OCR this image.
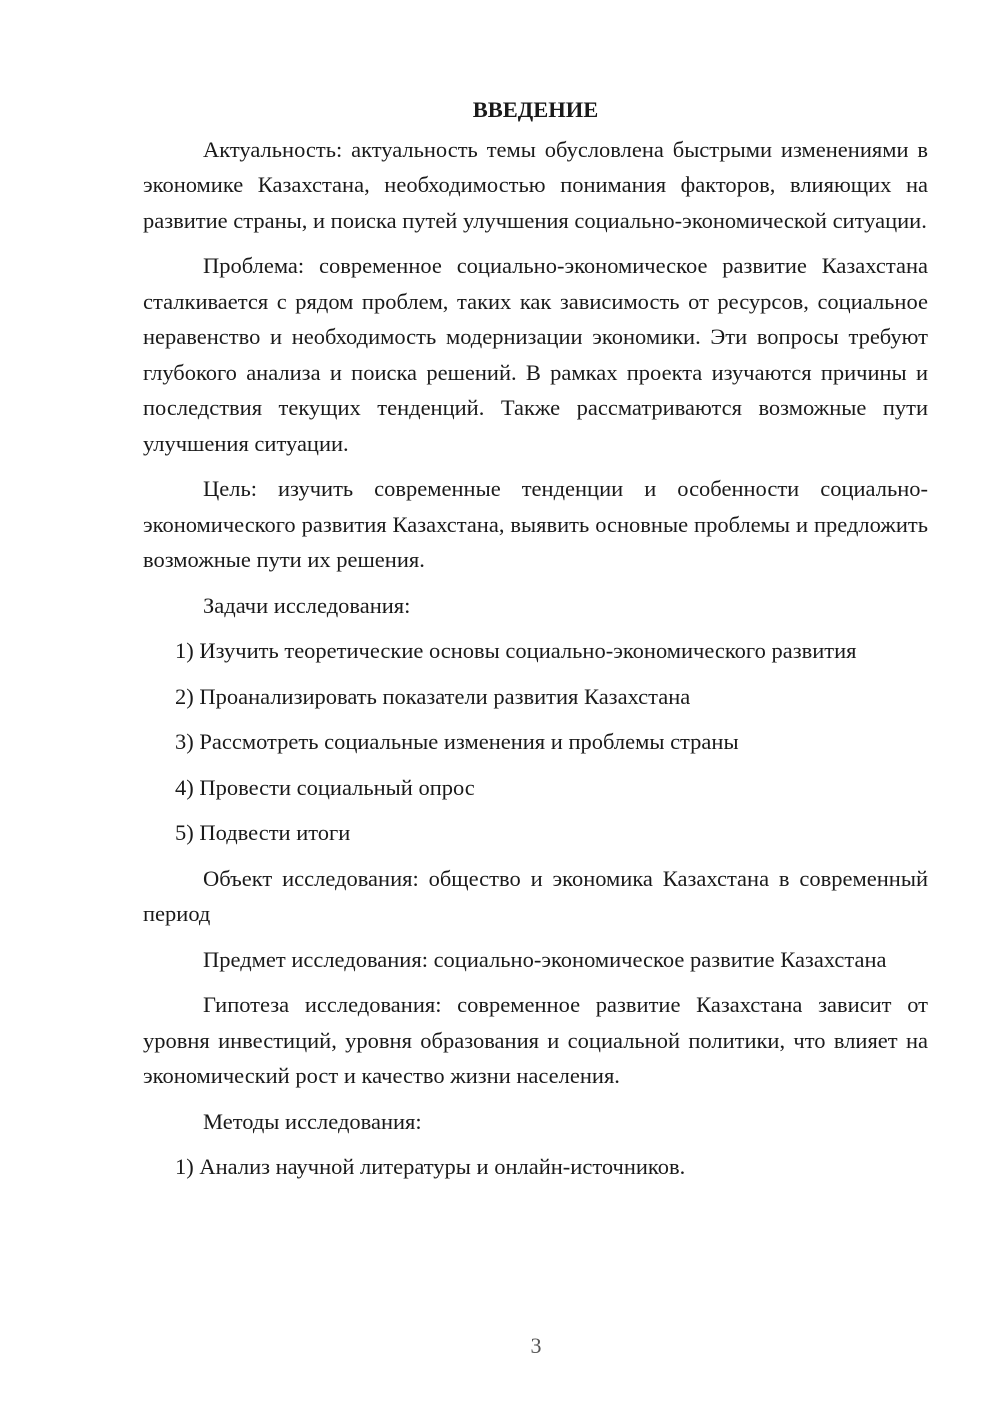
ВВЕДЕНИЕ

Актуальность: актуальность темы обусловлена быстрыми изменениями в экономике Казахстана, необходимостью понимания факторов, влияющих на развитие страны, и поиска путей улучшения социально-экономической ситуации.

Проблема: современное социально-экономическое развитие Казахстана сталкивается с рядом проблем, таких как зависимость от ресурсов, социальное неравенство и необходимость модернизации экономики. Эти вопросы требуют глубокого анализа и поиска решений. В рамках проекта изучаются причины и последствия текущих тенденций. Также рассматриваются возможные пути улучшения ситуации.

Цель: изучить современные тенденции и особенности социально-экономического развития Казахстана, выявить основные проблемы и предложить возможные пути их решения.

Задачи исследования:

1) Изучить теоретические основы социально-экономического развития

2) Проанализировать показатели развития Казахстана

3) Рассмотреть социальные изменения и проблемы страны

4) Провести социальный опрос

5) Подвести итоги

Объект исследования: общество и экономика Казахстана в современный период

Предмет исследования: социально-экономическое развитие Казахстана

Гипотеза исследования: современное развитие Казахстана зависит от уровня инвестиций, уровня образования и социальной политики, что влияет на экономический рост и качество жизни населения.

Методы исследования:

1) Анализ научной литературы и онлайн-источников.

3
